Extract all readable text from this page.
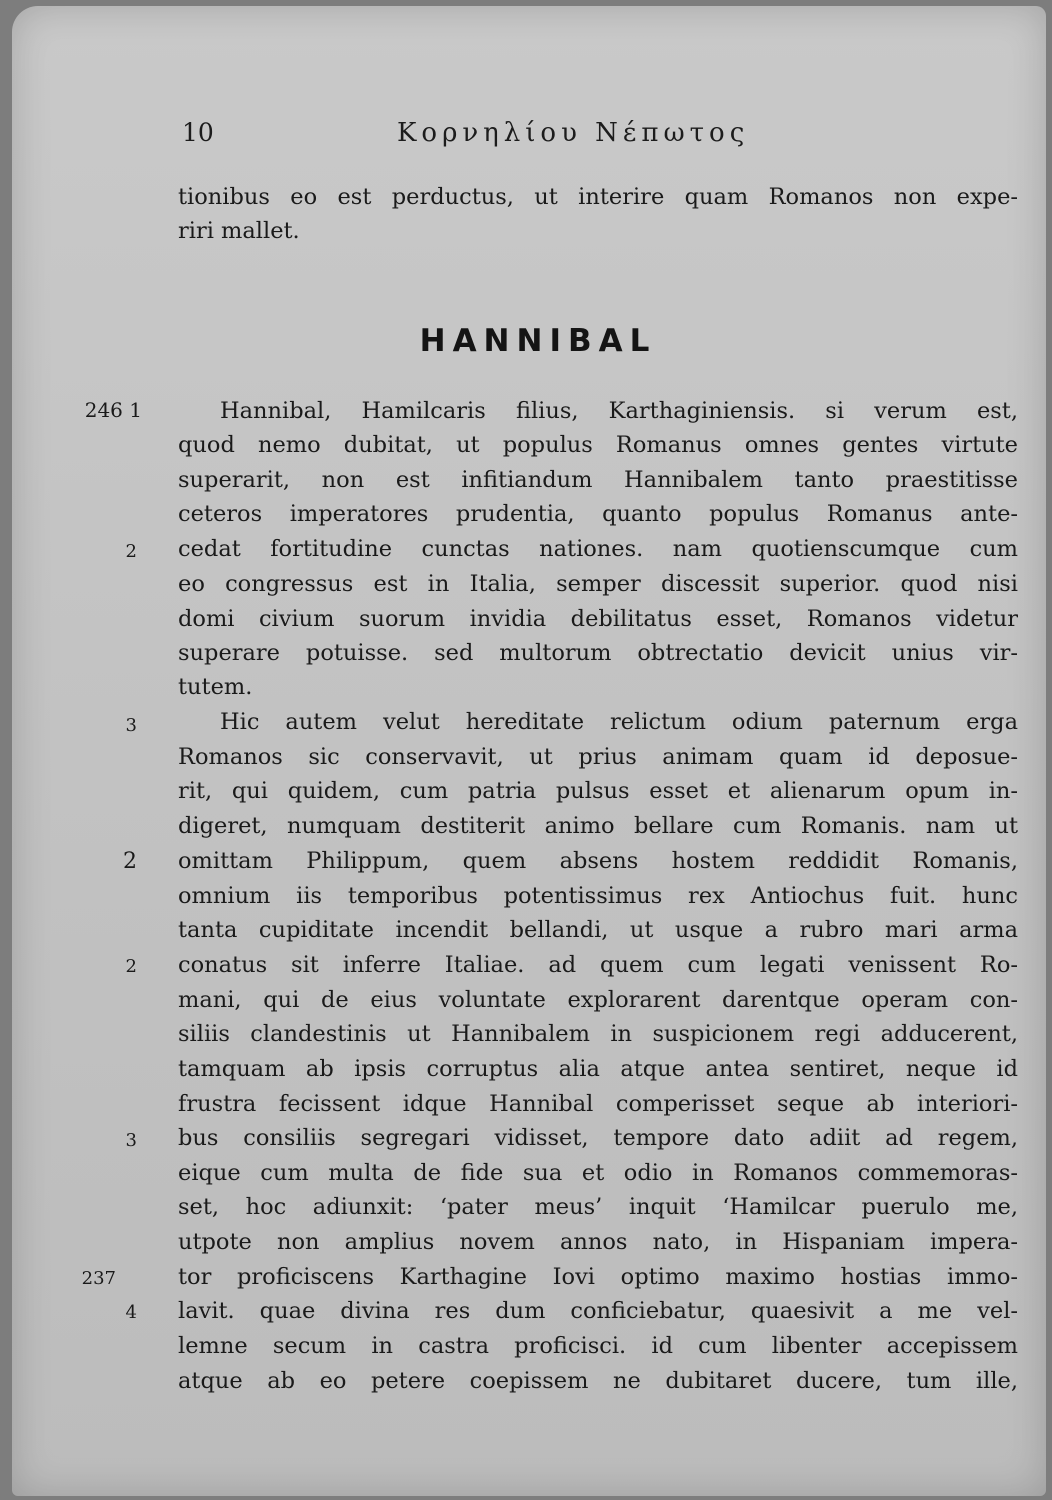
10	Κορνηλίου Νέπωτος
tionibus eo est perductus, ut interire quam Romanos non expe-
riri mallet.
HANNIBAL
246 1
2
3
2
2
3
237
4
Hannibal, Hamilcaris filius, Karthaginiensis. si verum est,
quod nemo dubitat, ut populus Romanus omnes gentes virtute
superarit, non est infitiandum Hannibalem tanto praestitisse
ceteros imperatores prudentia, quanto populus Romanus ante-
cedat fortitudine cunctas nationes. nam quotienscumque cum
eo congressus est in Italia, semper discessit superior. quod nisi
domi civium suorum invidia debilitatus esset, Romanos videtur
superare potuisse. sed multorum obtrectatio devicit unius vir-
tutem.
Hic autem velut hereditate relictum odium paternum erga
Romanos sic conservavit, ut prius animam quam id deposue-
rit, qui quidem, cum patria pulsus esset et alienarum opum in-
digeret, numquam destiterit animo bellare cum Romanis. nam ut
omittam Philippum, quem absens hostem reddidit Romanis,
omnium iis temporibus potentissimus rex Antiochus fuit. hunc
tanta cupiditate incendit bellandi, ut usque a rubro mari arma
conatus sit inferre Italiae. ad quem cum legati venissent Ro-
mani, qui de eius voluntate explorarent darentque operam con-
siliis clandestinis ut Hannibalem in suspicionem regi adducerent,
tamquam ab ipsis corruptus alia atque antea sentiret, neque id
frustra fecissent idque Hannibal comperisset seque ab interiori-
bus consiliis segregari vidisset, tempore dato adiit ad regem,
eique cum multa de fide sua et odio in Romanos commemoras-
set, hoc adiunxit: ‘pater meus’ inquit ‘Hamilcar puerulo me,
utpote non amplius novem annos nato, in Hispaniam impera-
tor proficiscens Karthagine Iovi optimo maximo hostias immo-
lavit. quae divina res dum conficiebatur, quaesivit a me vel-
lemne secum in castra proficisci. id cum libenter accepissem
atque ab eo petere coepissem ne dubitaret ducere, tum ille,
